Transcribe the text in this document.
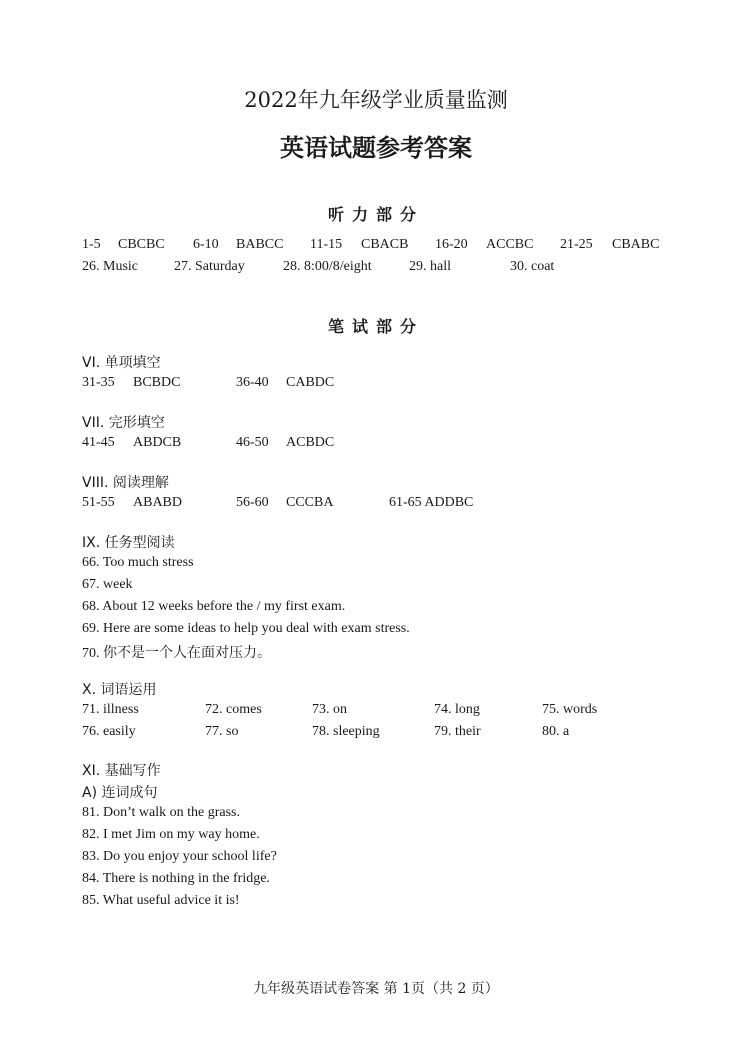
2022年九年级学业质量监测
英语试题参考答案
听力部分
1-5 CBCBC 6-10 BABCC 11-15 CBACB 16-20 ACCBC 21-25 CBABC
26. Music	27. Saturday	28. 8:00/8/eight	29. hall	30. coat
笔试部分
VI. 单项填空
31-35 BCBDC	36-40 CABDC
VII. 完形填空
41-45 ABDCB	46-50 ACBDC
VIII. 阅读理解
51-55 ABABD	56-60 CCCBA	61-65 ADDBC
IX. 任务型阅读
66. Too much stress
67. week
68. About 12 weeks before the / my first exam.
69. Here are some ideas to help you deal with exam stress.
70. 你不是一个人在面对压力。
X. 词语运用
71. illness	72. comes	73. on	74. long	75. words
76. easily	77. so	78. sleeping	79. their	80. a
XI. 基础写作
A) 连词成句
81. Don’t walk on the grass.
82. I met Jim on my way home.
83. Do you enjoy your school life?
84. There is nothing in the fridge.
85. What useful advice it is!
九年级英语试卷答案 第 1页（共 2 页）
